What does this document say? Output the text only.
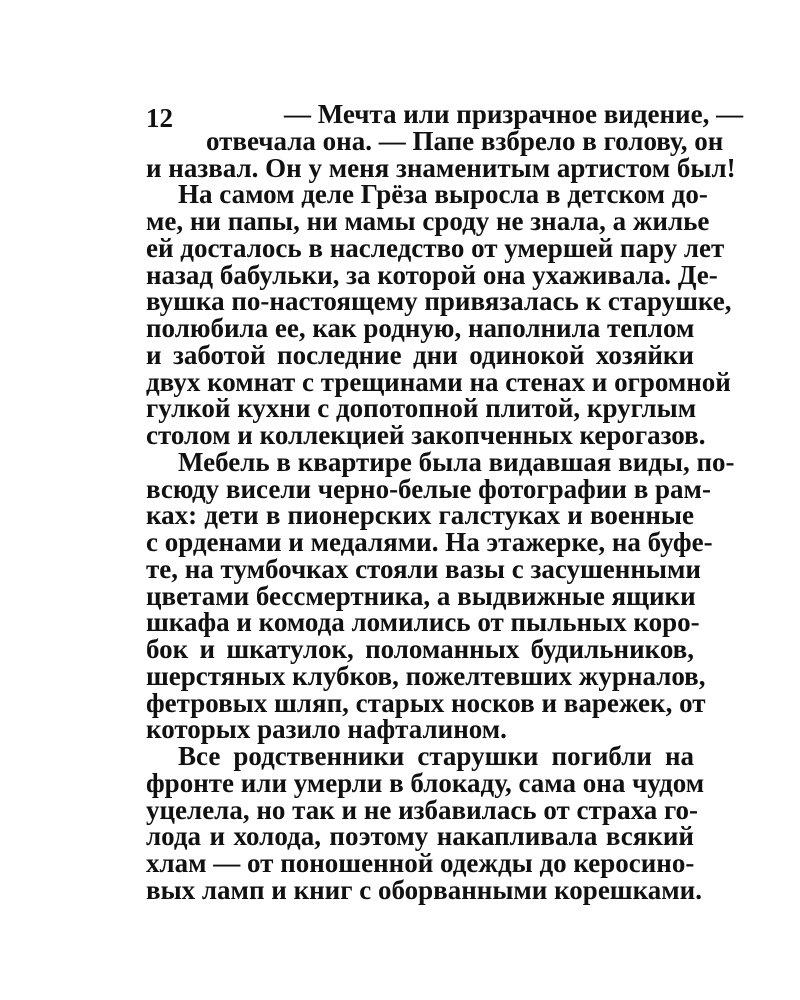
12	— Мечта или призрачное видение, —
отвечала она. — Папе взбрело в голову, он
и назвал. Он у меня знаменитым артистом был!
На самом деле Грёза выросла в детском до-
ме, ни папы, ни мамы сроду не знала, а жилье
ей досталось в наследство от умершей пару лет
назад бабульки, за которой она ухаживала. Де-
вушка по-настоящему привязалась к старушке,
полюбила ее, как родную, наполнила теплом
и заботой последние дни одинокой хозяйки
двух комнат с трещинами на стенах и огромной
гулкой кухни с допотопной плитой, круглым
столом и коллекцией закопченных керогазов.
Мебель в квартире была видавшая виды, по-
всюду висели черно-белые фотографии в рам-
ках: дети в пионерских галстуках и военные
с орденами и медалями. На этажерке, на буфе-
те, на тумбочках стояли вазы с засушенными
цветами бессмертника, а выдвижные ящики
шкафа и комода ломились от пыльных коро-
бок и шкатулок, поломанных будильников,
шерстяных клубков, пожелтевших журналов,
фетровых шляп, старых носков и варежек, от
которых разило нафталином.
Все родственники старушки погибли на
фронте или умерли в блокаду, сама она чудом
уцелела, но так и не избавилась от страха го-
лода и холода, поэтому накапливала всякий
хлам — от поношенной одежды до керосино-
вых ламп и книг с оборванными корешками.
